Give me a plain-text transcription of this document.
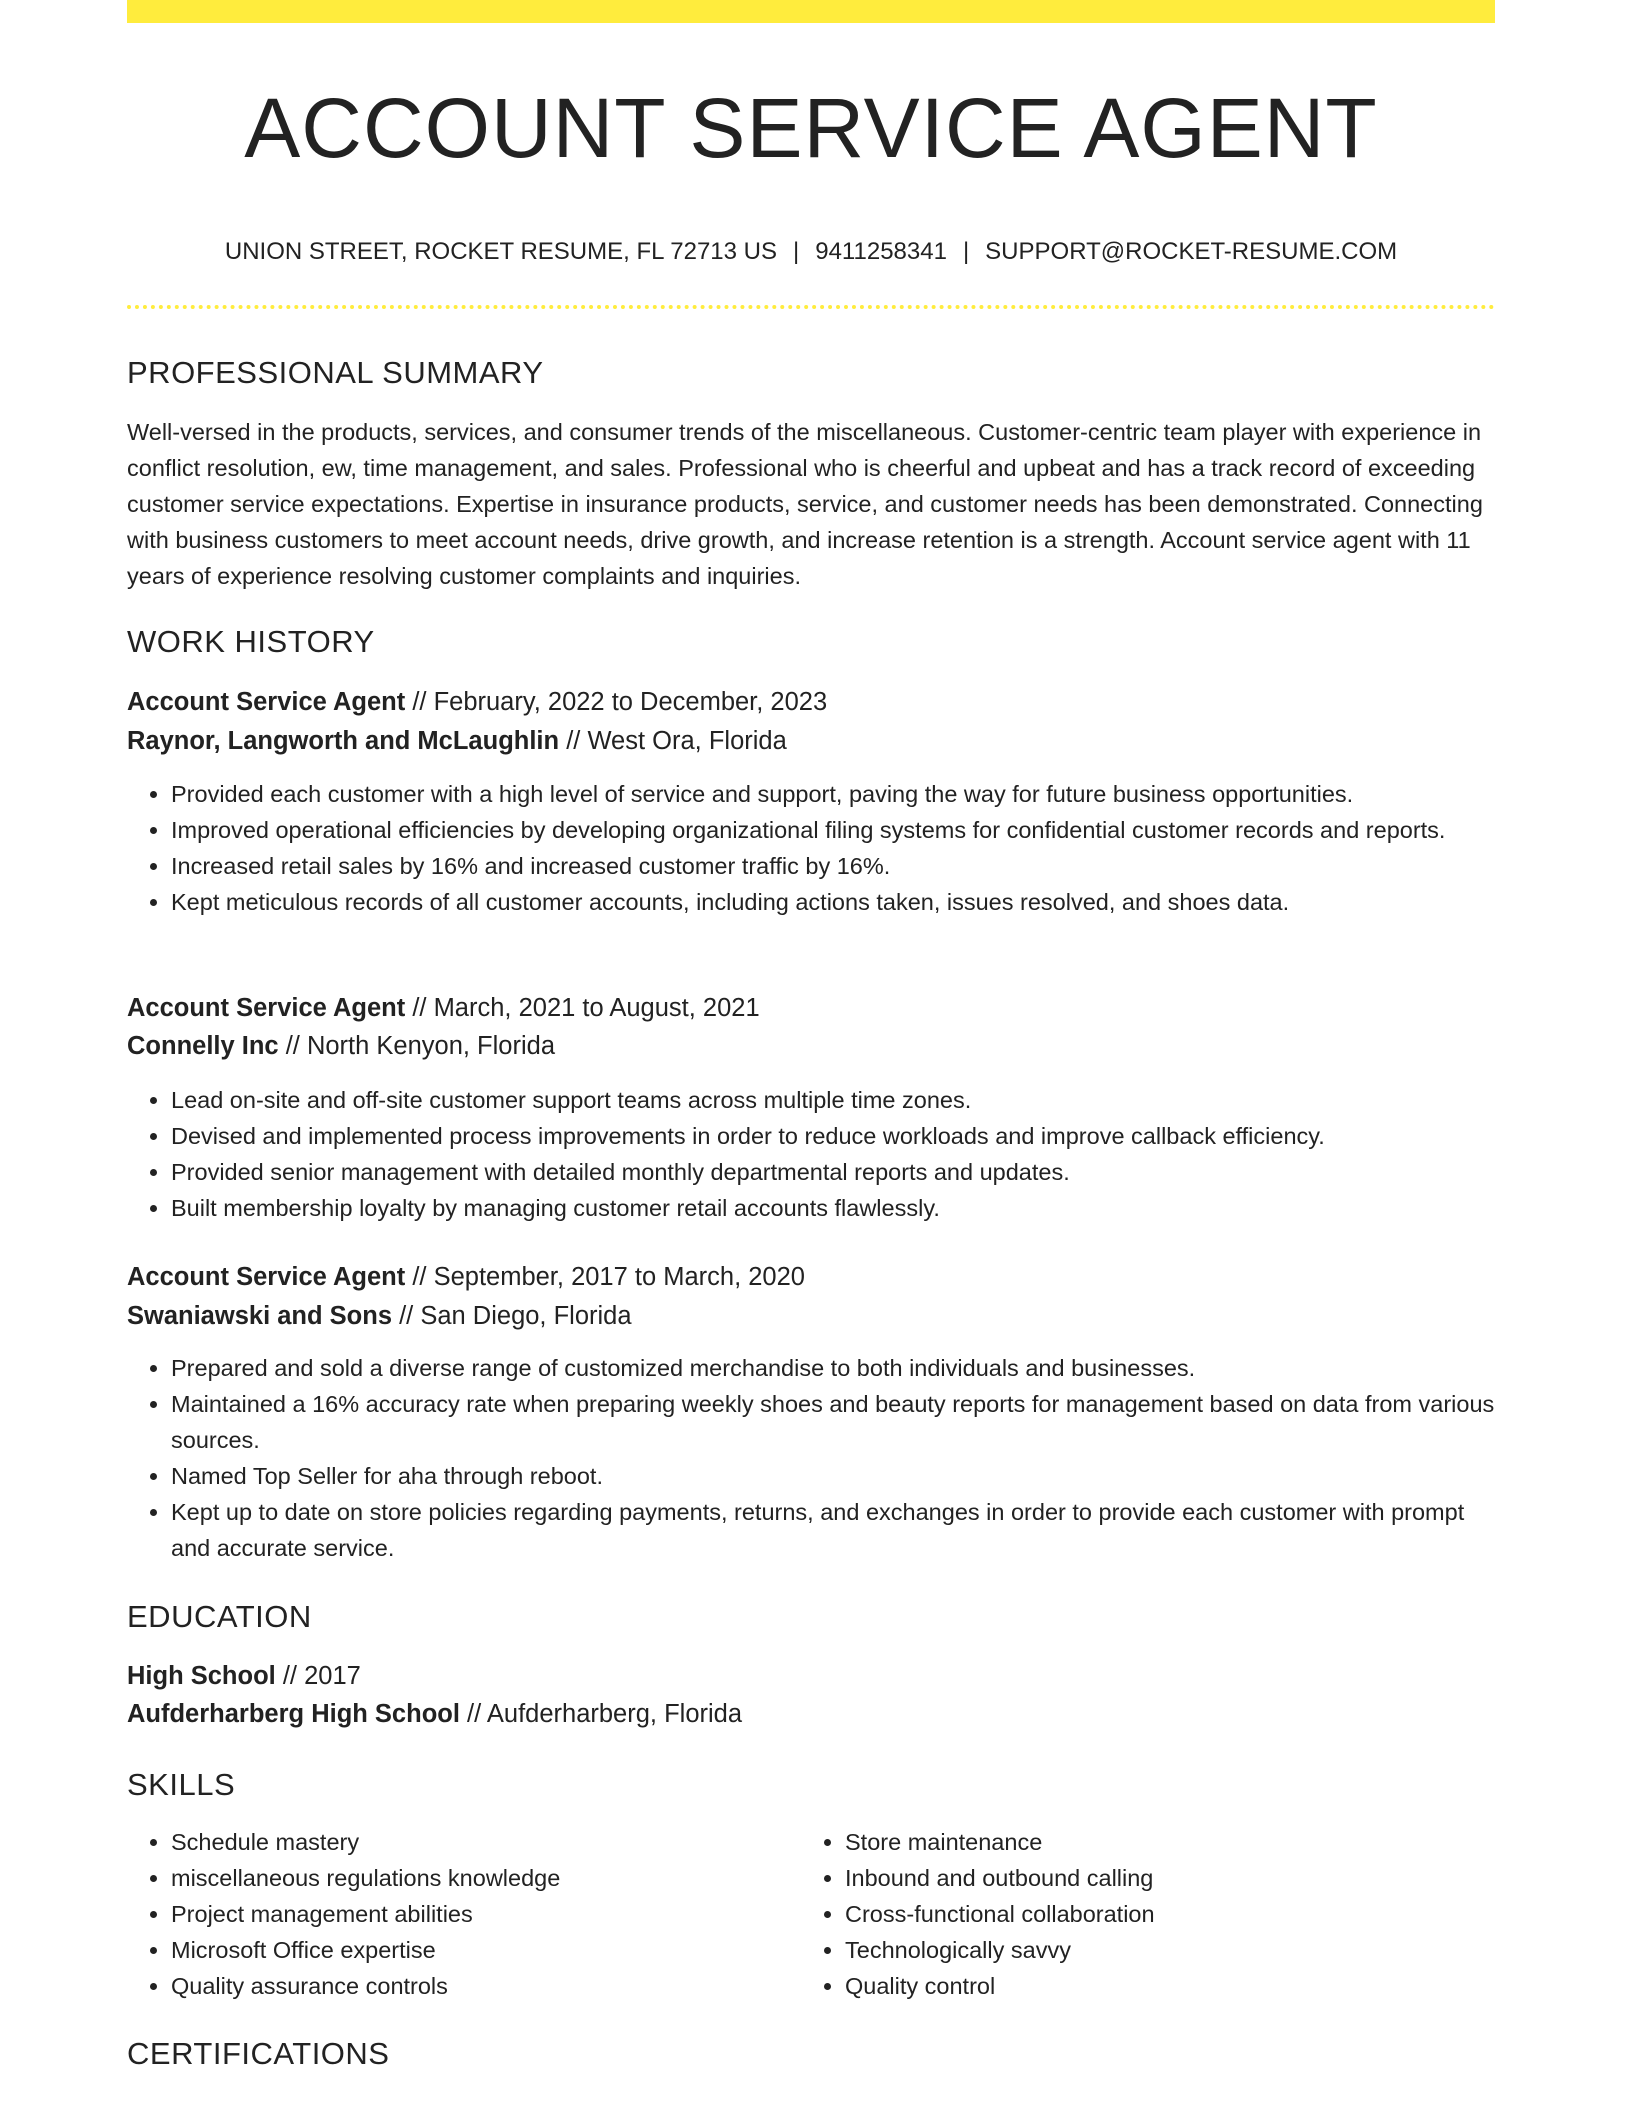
ACCOUNT SERVICE AGENT
UNION STREET, ROCKET RESUME, FL 72713 US | 9411258341 | SUPPORT@ROCKET-RESUME.COM
PROFESSIONAL SUMMARY

Well-versed in the products, services, and consumer trends of the miscellaneous. Customer-centric team player with experience in conflict resolution, ew, time management, and sales. Professional who is cheerful and upbeat and has a track record of exceeding customer service expectations. Expertise in insurance products, service, and customer needs has been demonstrated. Connecting with business customers to meet account needs, drive growth, and increase retention is a strength. Account service agent with 11 years of experience resolving customer complaints and inquiries.

WORK HISTORY
Account Service Agent // February, 2022 to December, 2023
Raynor, Langworth and McLaughlin // West Ora, Florida
• Provided each customer with a high level of service and support, paving the way for future business opportunities.
• Improved operational efficiencies by developing organizational filing systems for confidential customer records and reports.
• Increased retail sales by 16% and increased customer traffic by 16%.
• Kept meticulous records of all customer accounts, including actions taken, issues resolved, and shoes data.
Account Service Agent // March, 2021 to August, 2021
Connelly Inc // North Kenyon, Florida
• Lead on-site and off-site customer support teams across multiple time zones.
• Devised and implemented process improvements in order to reduce workloads and improve callback efficiency.
• Provided senior management with detailed monthly departmental reports and updates.
• Built membership loyalty by managing customer retail accounts flawlessly.
Account Service Agent // September, 2017 to March, 2020
Swaniawski and Sons // San Diego, Florida
• Prepared and sold a diverse range of customized merchandise to both individuals and businesses.
• Maintained a 16% accuracy rate when preparing weekly shoes and beauty reports for management based on data from various sources.
• Named Top Seller for aha through reboot.
• Kept up to date on store policies regarding payments, returns, and exchanges in order to provide each customer with prompt and accurate service.
EDUCATION
High School // 2017
Aufderharberg High School // Aufderharberg, Florida
SKILLS
• Schedule mastery
• miscellaneous regulations knowledge
• Project management abilities
• Microsoft Office expertise
• Quality assurance controls
• Store maintenance
• Inbound and outbound calling
• Cross-functional collaboration
• Technologically savvy
• Quality control
CERTIFICATIONS
